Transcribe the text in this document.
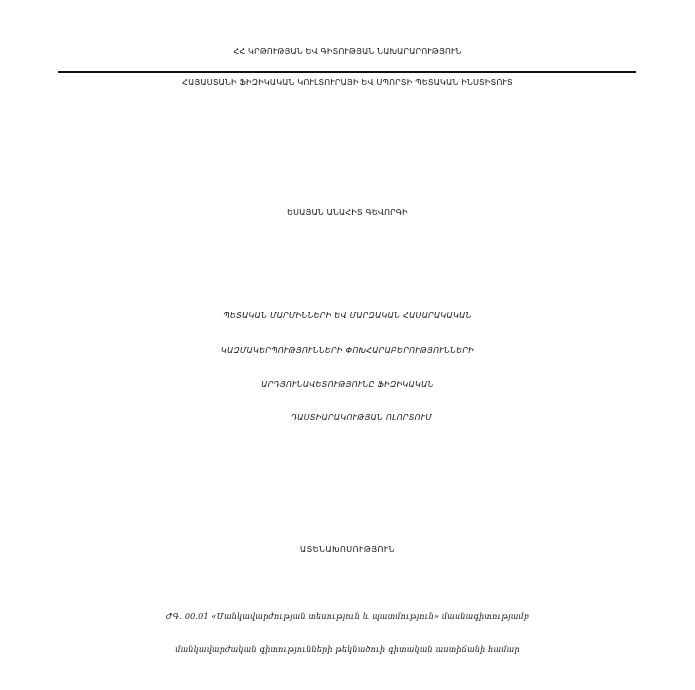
ՀՀ ԿՐԹՈՒԹՅԱՆ ԵՎ ԳԻՏՈՒԹՅԱՆ ՆԱԽԱՐԱՐՈՒԹՅՈՒՆ
ՀԱՅԱՍՏԱՆԻ ՖԻԶԻԿԱԿԱՆ ԿՈՒԼՏՈՒՐԱՅԻ ԵՎ ՍՊՈՐՏԻ ՊԵՏԱԿԱՆ ԻՆՍՏԻՏՈՒՏ
ԵՍԱՅԱՆ ԱՆԱՀԻՏ ԳԵՎՈՐԳԻ
ՊԵՏԱԿԱՆ ՄԱՐՄԻՆՆԵՐԻ ԵՎ ՄԱՐԶԱԿԱՆ ՀԱՍԱՐԱԿԱԿԱՆ
ԿԱԶՄԱԿԵՐՊՈՒԹՅՈՒՆՆԵՐԻ ՓՈԽՀԱՐԱԲԵՐՈՒԹՅՈՒՆՆԵՐԻ
ԱՐԴՅՈՒՆԱՎԵՏՈՒԹՅՈՒՆԸ ՖԻԶԻԿԱԿԱՆ
ԴԱՍՏԻԱՐԱԿՈՒԹՅԱՆ ՈԼՈՐՏՈՒՄ
ԱՏԵՆԱԽՈՍՈՒԹՅՈՒՆ
ԺԳ. 00.01 «Մանկավարժության տեսություն և պատմություն» մասնագիտությամբ
մանկավարժական գիտությունների թեկնածուի գիտական աստիճանի համար
